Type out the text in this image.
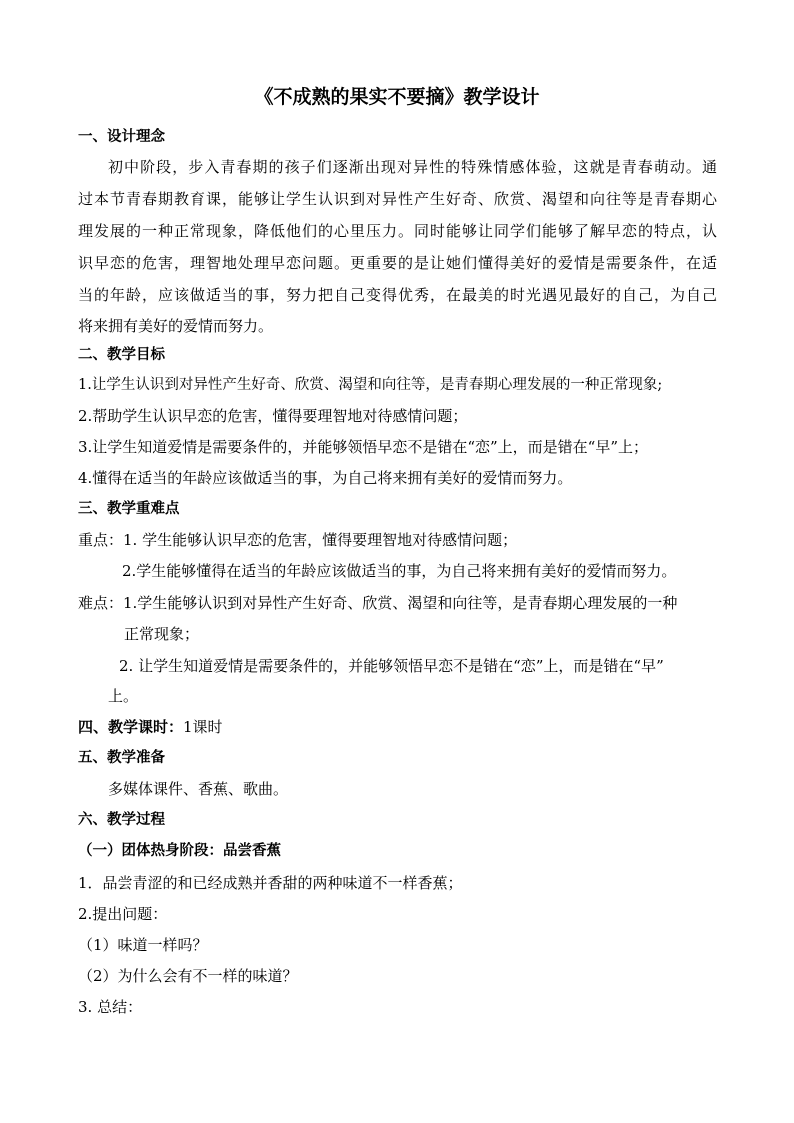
《不成熟的果实不要摘》教学设计
一、设计理念
初中阶段，步入青春期的孩子们逐渐出现对异性的特殊情感体验，这就是青春萌动。通
过本节青春期教育课，能够让学生认识到对异性产生好奇、欣赏、渴望和向往等是青春期心
理发展的一种正常现象，降低他们的心里压力。同时能够让同学们能够了解早恋的特点，认
识早恋的危害，理智地处理早恋问题。更重要的是让她们懂得美好的爱情是需要条件，在适
当的年龄，应该做适当的事，努力把自己变得优秀，在最美的时光遇见最好的自己，为自己
将来拥有美好的爱情而努力。
二、教学目标
1.让学生认识到对异性产生好奇、欣赏、渴望和向往等，是青春期心理发展的一种正常现象;
2.帮助学生认识早恋的危害，懂得要理智地对待感情问题；
3.让学生知道爱情是需要条件的，并能够领悟早恋不是错在“恋”上，而是错在“早”上；
4.懂得在适当的年龄应该做适当的事，为自己将来拥有美好的爱情而努力。
三、教学重难点
重点：1. 学生能够认识早恋的危害，懂得要理智地对待感情问题；
2.学生能够懂得在适当的年龄应该做适当的事，为自己将来拥有美好的爱情而努力。
难点：1.学生能够认识到对异性产生好奇、欣赏、渴望和向往等，是青春期心理发展的一种
正常现象；
2. 让学生知道爱情是需要条件的，并能够领悟早恋不是错在“恋”上，而是错在“早”
上。
四、教学课时：1课时
五、教学准备
多媒体课件、香蕉、歌曲。
六、教学过程
（一）团体热身阶段：品尝香蕉
1．品尝青涩的和已经成熟并香甜的两种味道不一样香蕉；
2.提出问题：
（1）味道一样吗？
（2）为什么会有不一样的味道？
3. 总结：
